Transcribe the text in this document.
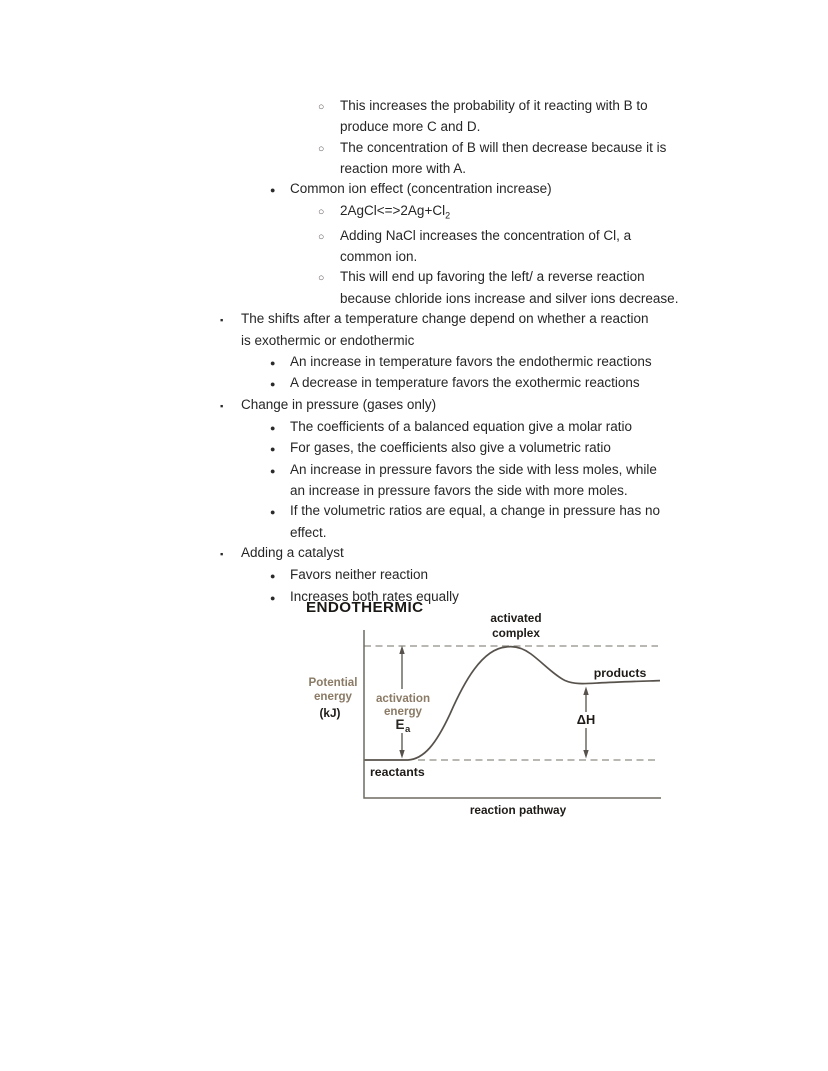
○	This increases the probability of it reacting with B to
produce more C and D.
○	The concentration of B will then decrease because it is
reaction more with A.
●	Common ion effect (concentration increase)
○	$2AgCl<=>2Ag+Cl_2$
○	Adding NaCl increases the concentration of Cl, a
common ion.
○	This will end up favoring the left/ a reverse reaction
because chloride ions increase and silver ions decrease.
▪	The shifts after a temperature change depend on whether a reaction
is exothermic or endothermic
●	An increase in temperature favors the endothermic reactions
●	A decrease in temperature favors the exothermic reactions
▪	Change in pressure (gases only)
●	The coefficients of a balanced equation give a molar ratio
●	For gases, the coefficients also give a volumetric ratio
●	An increase in pressure favors the side with less moles, while
an increase in pressure favors the side with more moles.
●	If the volumetric ratios are equal, a change in pressure has no
effect.
▪	Adding a catalyst
●	Favors neither reaction
●	Increases both rates equally
ENDOTHERMIC
activated
complex
products
Potential
energy
(kJ)
activation
energy
E a
ΔH
reactants
reaction pathway
